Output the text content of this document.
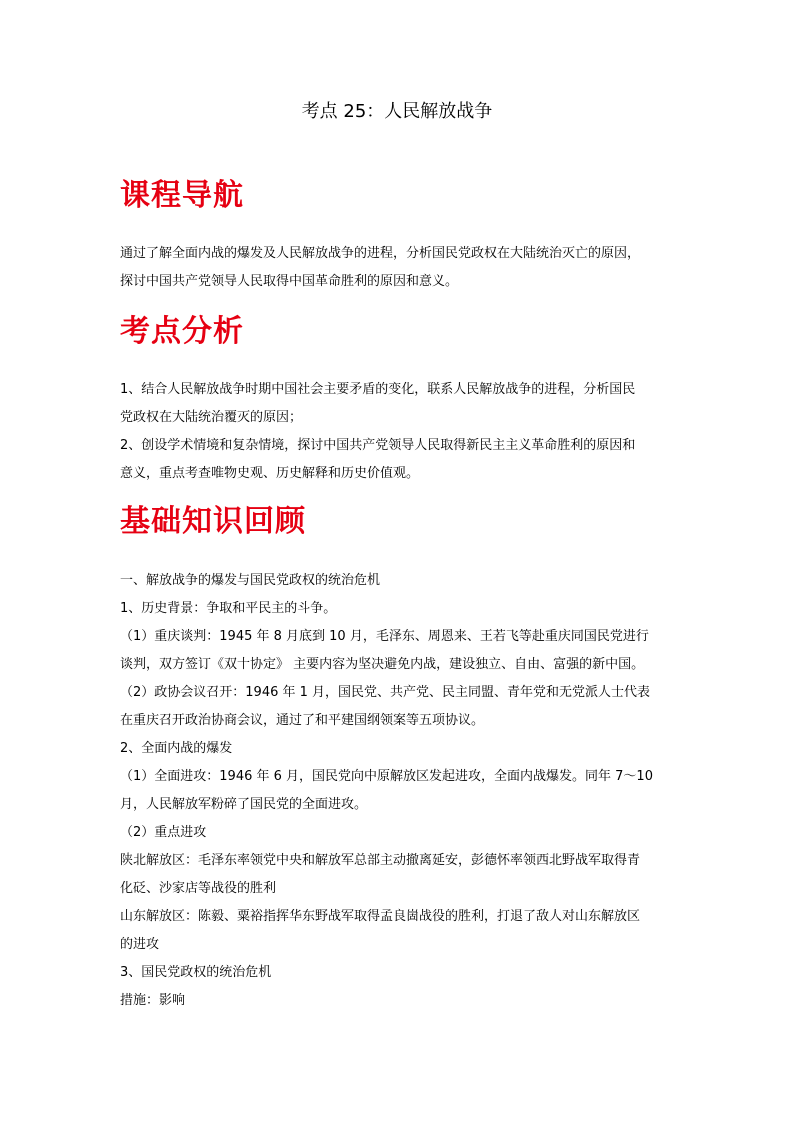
考点 25：人民解放战争
课程导航
通过了解全面内战的爆发及人民解放战争的进程，分析国民党政权在大陆统治灭亡的原因，
探讨中国共产党领导人民取得中国革命胜利的原因和意义。
考点分析
1、结合人民解放战争时期中国社会主要矛盾的变化，联系人民解放战争的进程，分析国民
党政权在大陆统治覆灭的原因；
2、创设学术情境和复杂情境，探讨中国共产党领导人民取得新民主主义革命胜利的原因和
意义，重点考查唯物史观、历史解释和历史价值观。
基础知识回顾
一、解放战争的爆发与国民党政权的统治危机
1、历史背景：争取和平民主的斗争。
（1）重庆谈判：1945 年 8 月底到 10 月，毛泽东、周恩来、王若飞等赴重庆同国民党进行
谈判，双方签订《双十协定》 主要内容为坚决避免内战，建设独立、自由、富强的新中国。
（2）政协会议召开：1946 年 1 月，国民党、共产党、民主同盟、青年党和无党派人士代表
在重庆召开政治协商会议，通过了和平建国纲领案等五项协议。
2、全面内战的爆发
（1）全面进攻：1946 年 6 月，国民党向中原解放区发起进攻，全面内战爆发。同年 7～10
月，人民解放军粉碎了国民党的全面进攻。
（2）重点进攻
陕北解放区：毛泽东率领党中央和解放军总部主动撤离延安，彭德怀率领西北野战军取得青
化砭、沙家店等战役的胜利
山东解放区：陈毅、粟裕指挥华东野战军取得孟良崮战役的胜利，打退了敌人对山东解放区
的进攻
3、国民党政权的统治危机
措施：影响
